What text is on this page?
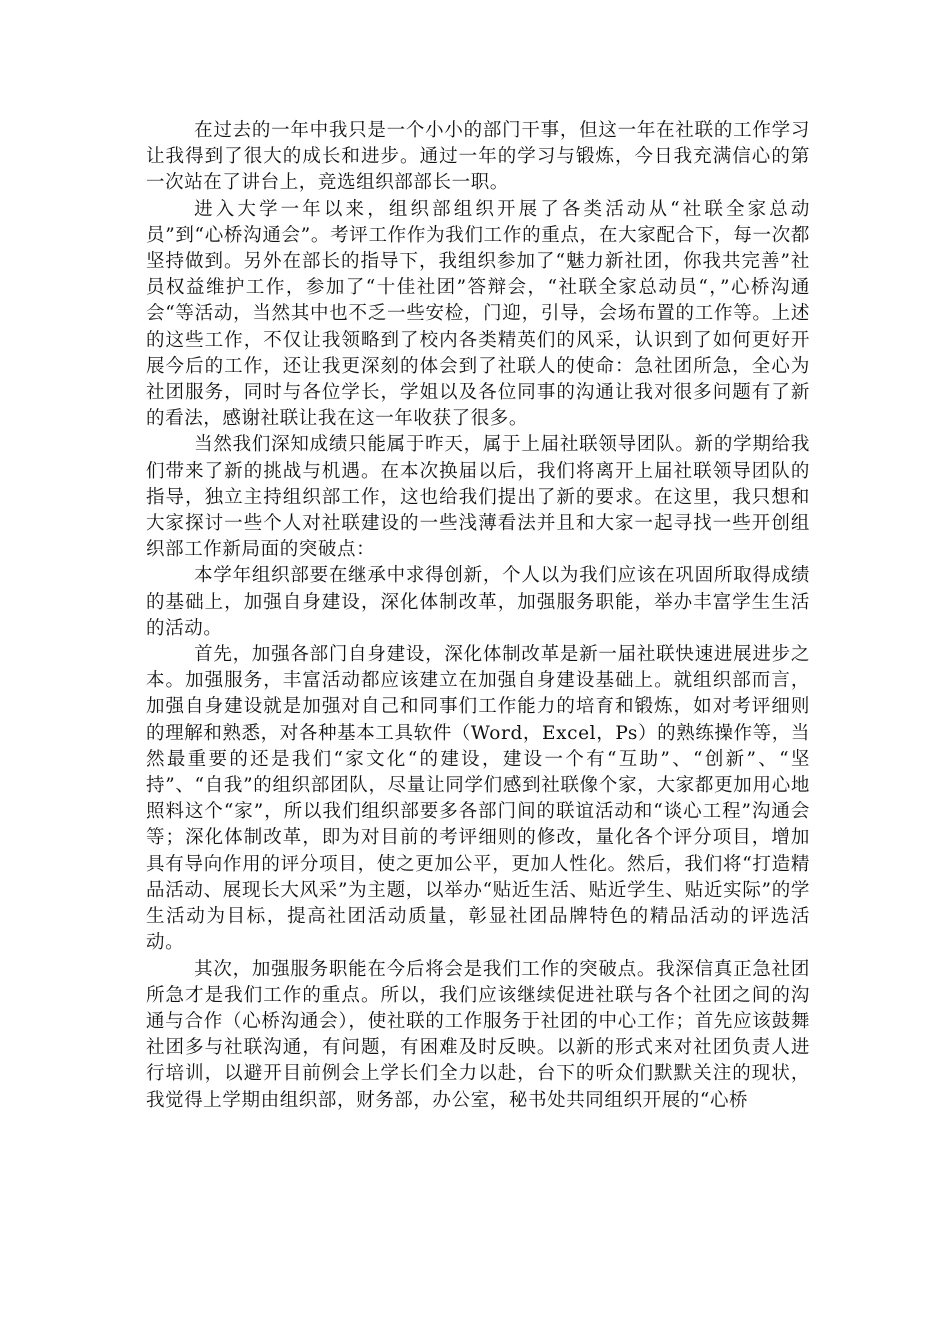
在过去的一年中我只是一个小小的部门干事，但这一年在社联的工作学习让我得到了很大的成长和进步。通过一年的学习与锻炼，今日我充满信心的第一次站在了讲台上，竞选组织部部长一职。

进入大学一年以来，组织部组织开展了各类活动从“社联全家总动员”到“心桥沟通会”。考评工作作为我们工作的重点，在大家配合下，每一次都坚持做到。另外在部长的指导下，我组织参加了“魅力新社团，你我共完善”社员权益维护工作，参加了“十佳社团”答辩会，“社联全家总动员“，”心桥沟通会“等活动，当然其中也不乏一些安检，门迎，引导，会场布置的工作等。上述的这些工作，不仅让我领略到了校内各类精英们的风采，认识到了如何更好开展今后的工作，还让我更深刻的体会到了社联人的使命：急社团所急，全心为社团服务，同时与各位学长，学姐以及各位同事的沟通让我对很多问题有了新的看法，感谢社联让我在这一年收获了很多。

当然我们深知成绩只能属于昨天，属于上届社联领导团队。新的学期给我们带来了新的挑战与机遇。在本次换届以后，我们将离开上届社联领导团队的指导，独立主持组织部工作，这也给我们提出了新的要求。在这里，我只想和大家探讨一些个人对社联建设的一些浅薄看法并且和大家一起寻找一些开创组织部工作新局面的突破点：

本学年组织部要在继承中求得创新，个人以为我们应该在巩固所取得成绩的基础上，加强自身建设，深化体制改革，加强服务职能，举办丰富学生生活的活动。

首先，加强各部门自身建设，深化体制改革是新一届社联快速进展进步之本。加强服务，丰富活动都应该建立在加强自身建设基础上。就组织部而言，加强自身建设就是加强对自己和同事们工作能力的培育和锻炼，如对考评细则的理解和熟悉，对各种基本工具软件（Word，Excel，Ps）的熟练操作等，当然最重要的还是我们“家文化“的建设，建设一个有“互助”、“创新”、“坚持”、“自我”的组织部团队，尽量让同学们感到社联像个家，大家都更加用心地照料这个“家”，所以我们组织部要多各部门间的联谊活动和“谈心工程”沟通会等；深化体制改革，即为对目前的考评细则的修改，量化各个评分项目，增加具有导向作用的评分项目，使之更加公平，更加人性化。然后，我们将“打造精品活动、展现长大风采”为主题，以举办“贴近生活、贴近学生、贴近实际”的学生活动为目标，提高社团活动质量，彰显社团品牌特色的精品活动的评选活动。

其次，加强服务职能在今后将会是我们工作的突破点。我深信真正急社团所急才是我们工作的重点。所以，我们应该继续促进社联与各个社团之间的沟通与合作（心桥沟通会），使社联的工作服务于社团的中心工作；首先应该鼓舞社团多与社联沟通，有问题，有困难及时反映。以新的形式来对社团负责人进行培训，以避开目前例会上学长们全力以赴，台下的听众们默默关注的现状，我觉得上学期由组织部，财务部，办公室，秘书处共同组织开展的“心桥
